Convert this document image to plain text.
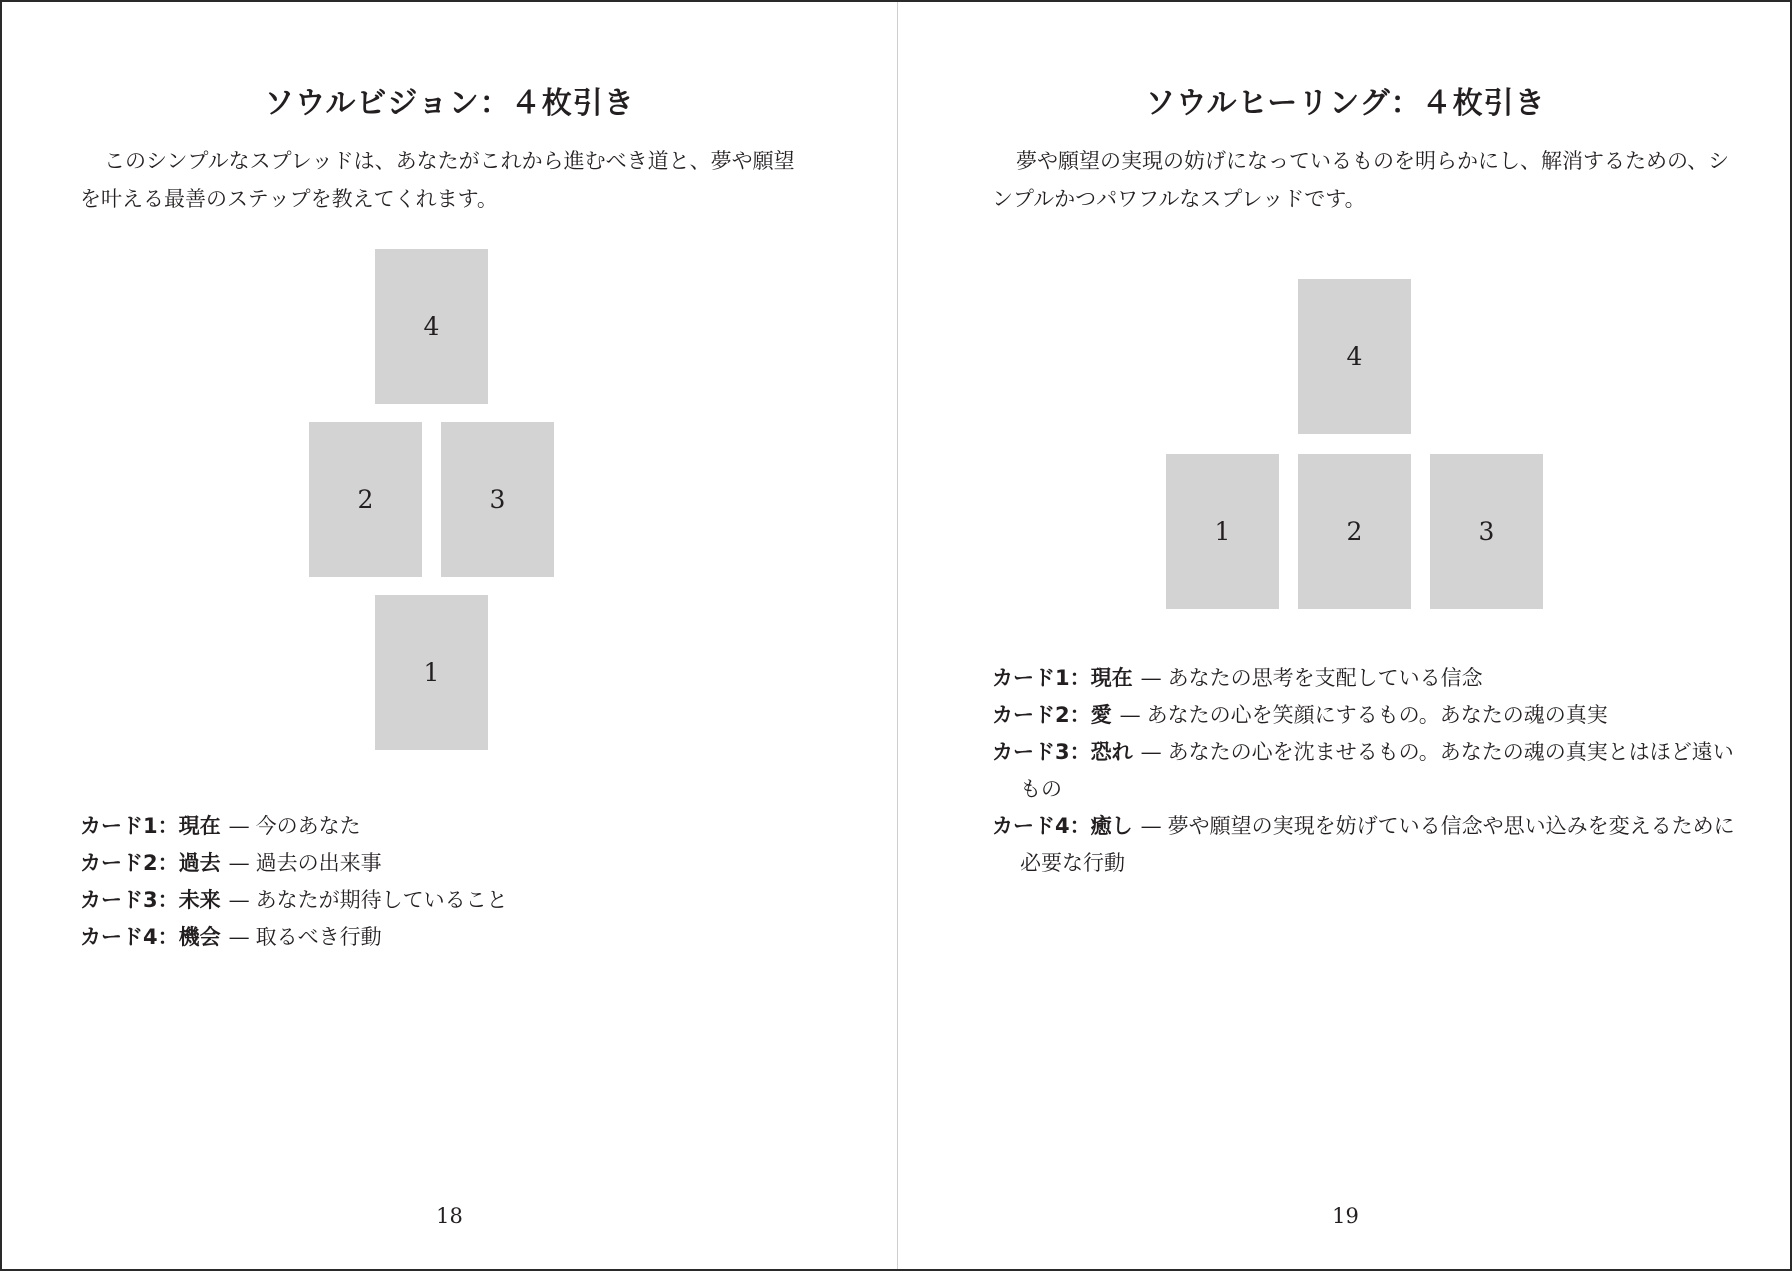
ソウルビジョン：４枚引き

このシンプルなスプレッドは、あなたがこれから進むべき道と、夢や願望を叶える最善のステップを教えてくれます。

4
2	3
1
カード1：現在 — 今のあなた
カード2：過去 — 過去の出来事
カード3：未来 — あなたが期待していること
カード4：機会 — 取るべき行動
18
ソウルヒーリング：４枚引き

夢や願望の実現の妨げになっているものを明らかにし、解消するための、シンプルかつパワフルなスプレッドです。

4
1	2	3
カード1：現在 — あなたの思考を支配している信念
カード2：愛 — あなたの心を笑顔にするもの。あなたの魂の真実
カード3：恐れ — あなたの心を沈ませるもの。あなたの魂の真実とはほど遠いもの
カード4：癒し — 夢や願望の実現を妨げている信念や思い込みを変えるために必要な行動
19
